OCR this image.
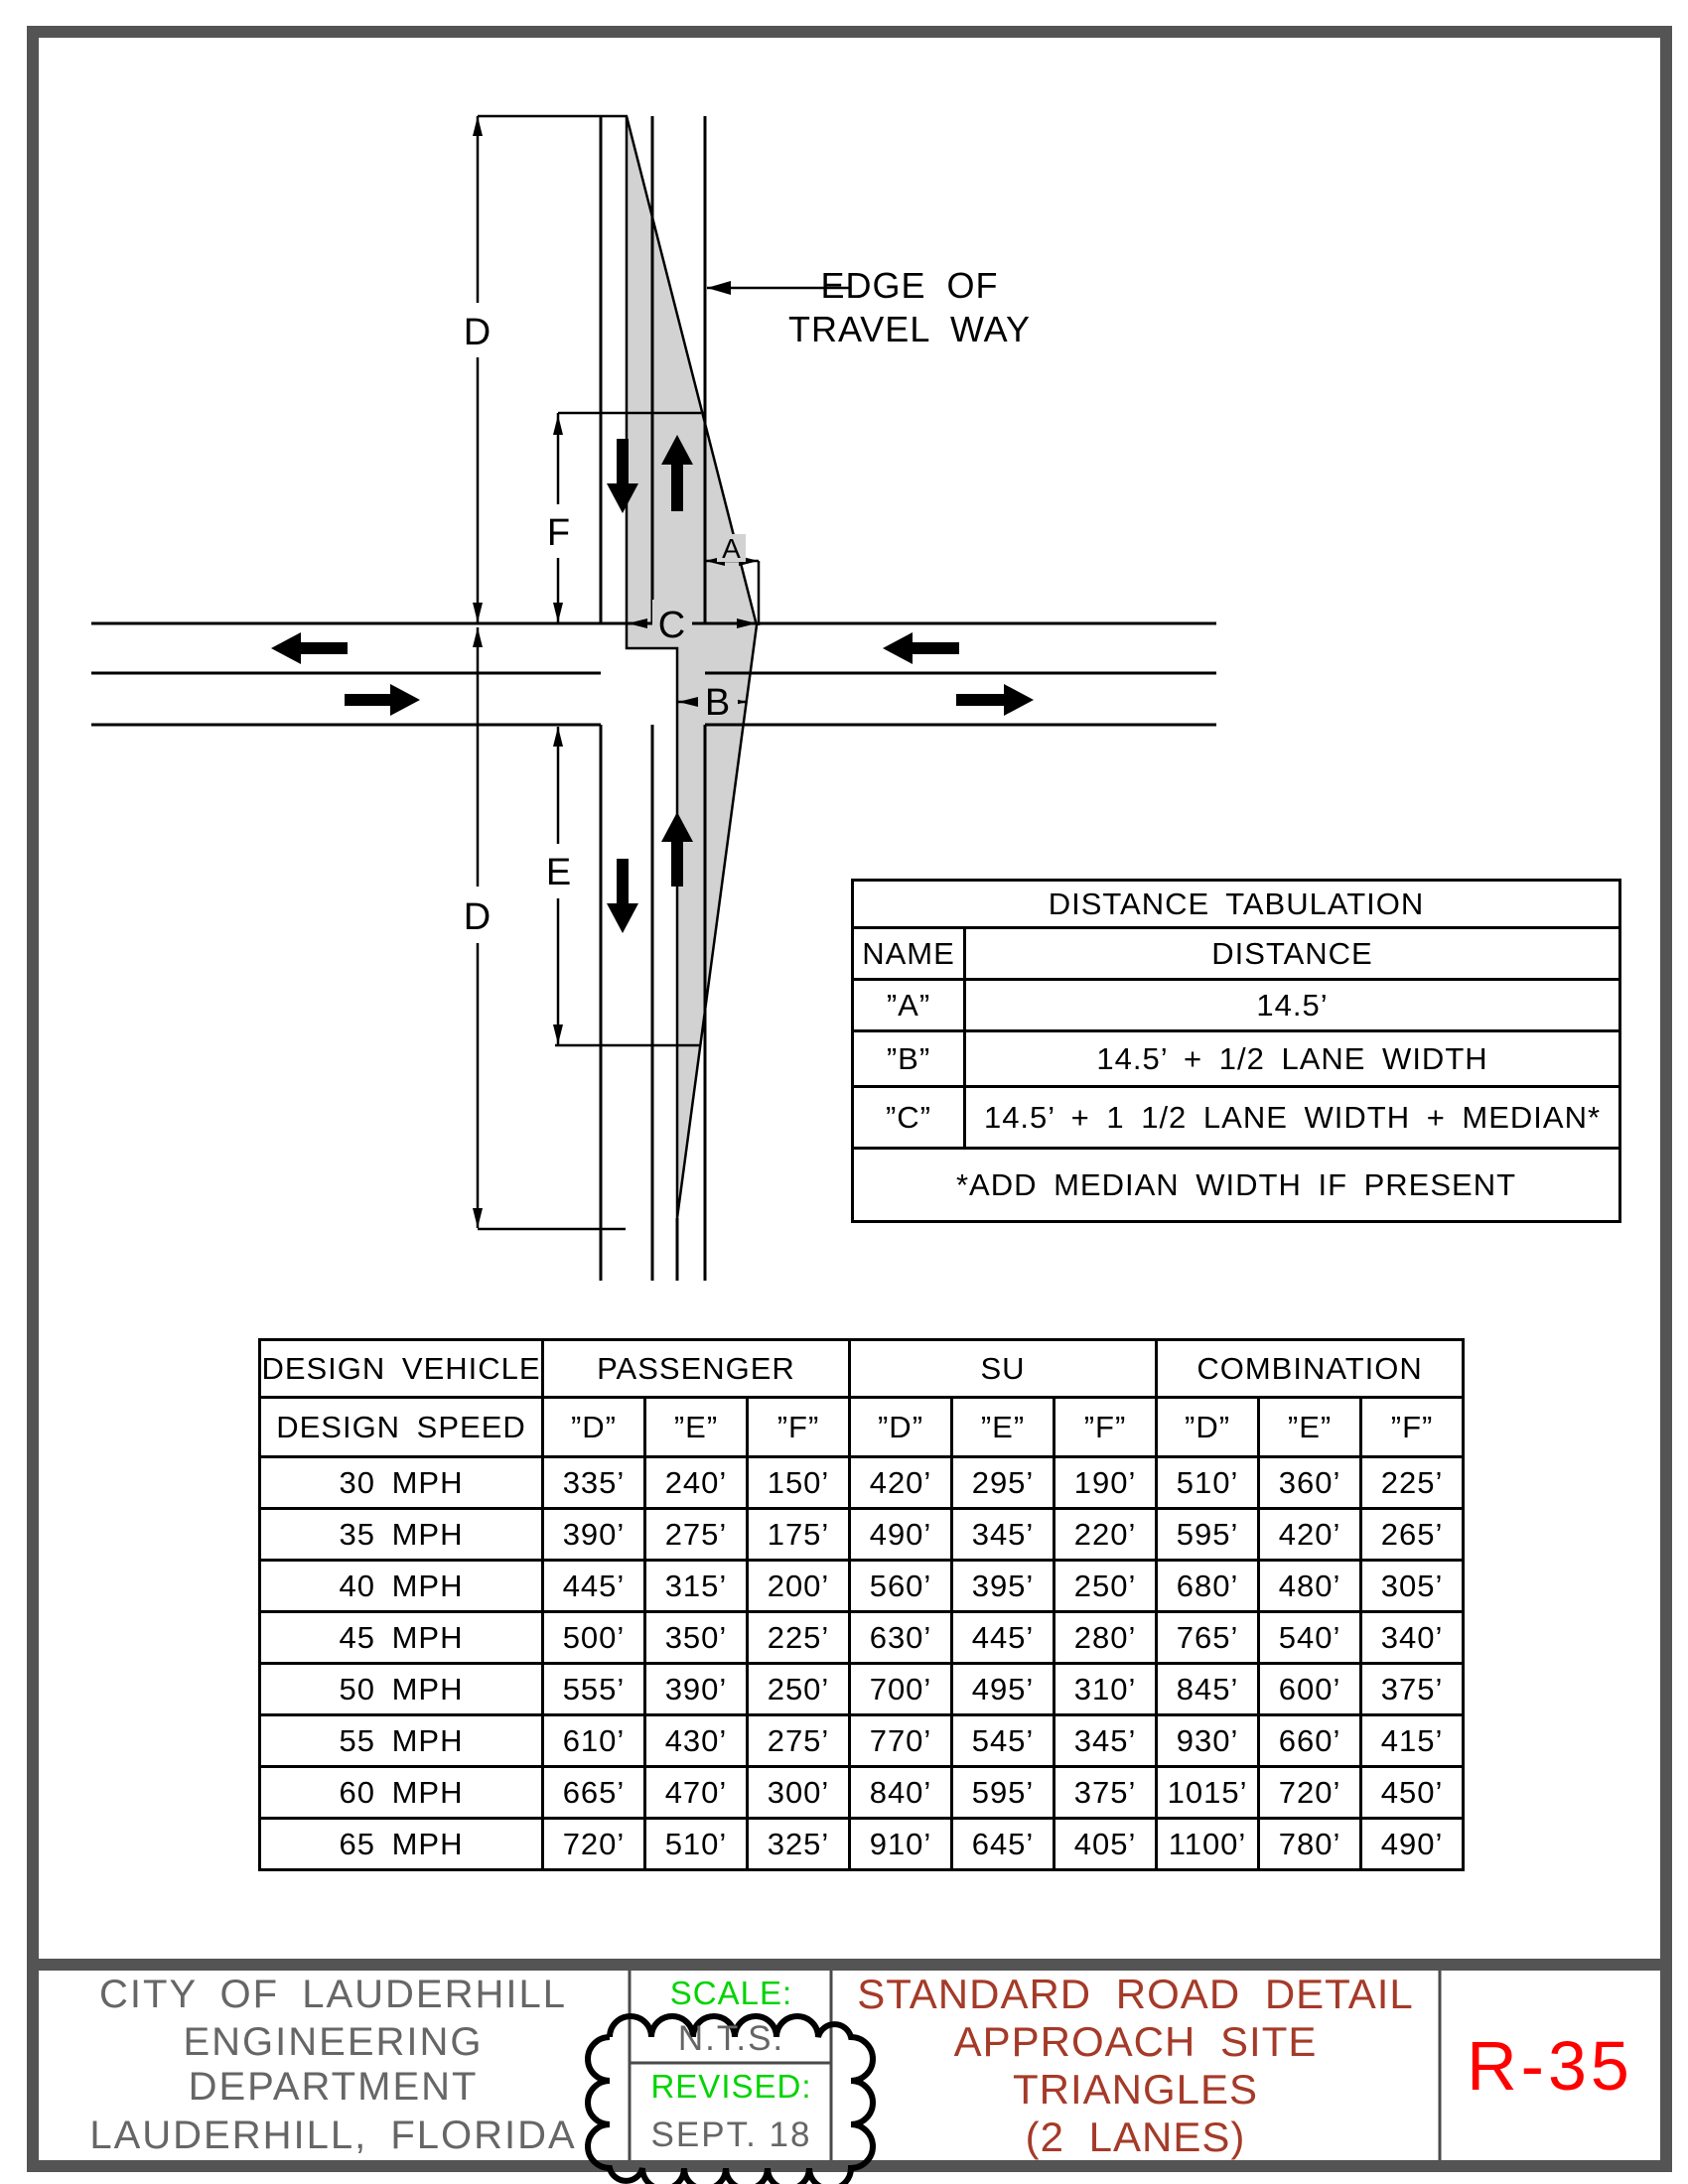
D
D
F
E
A
C
B
EDGE OF
TRAVEL WAY
DISTANCE TABULATION	
NAME	DISTANCE
”A”	14.5’
”B”	14.5’ + 1/2 LANE WIDTH
”C”	14.5’ + 1 1/2 LANE WIDTH + MEDIAN*
*ADD MEDIAN WIDTH IF PRESENT	
DESIGN VEHICLE	PASSENGER			SU			COMBINATION		
DESIGN SPEED	”D”	”E”	”F”	”D”	”E”	”F”	”D”	”E”	”F”
30 MPH	335’	240’	150’	420’	295’	190’	510’	360’	225’
35 MPH	390’	275’	175’	490’	345’	220’	595’	420’	265’
40 MPH	445’	315’	200’	560’	395’	250’	680’	480’	305’
45 MPH	500’	350’	225’	630’	445’	280’	765’	540’	340’
50 MPH	555’	390’	250’	700’	495’	310’	845’	600’	375’
55 MPH	610’	430’	275’	770’	545’	345’	930’	660’	415’
60 MPH	665’	470’	300’	840’	595’	375’	1015’	720’	450’
65 MPH	720’	510’	325’	910’	645’	405’	1100’	780’	490’
CITY OF LAUDERHILL
ENGINEERING DEPARTMENT
LAUDERHILL, FLORIDA
SCALE:
N.T.S.
REVISED:
SEPT. 18
STANDARD ROAD DETAIL
APPROACH SITE TRIANGLES
(2 LANES)
R-35
